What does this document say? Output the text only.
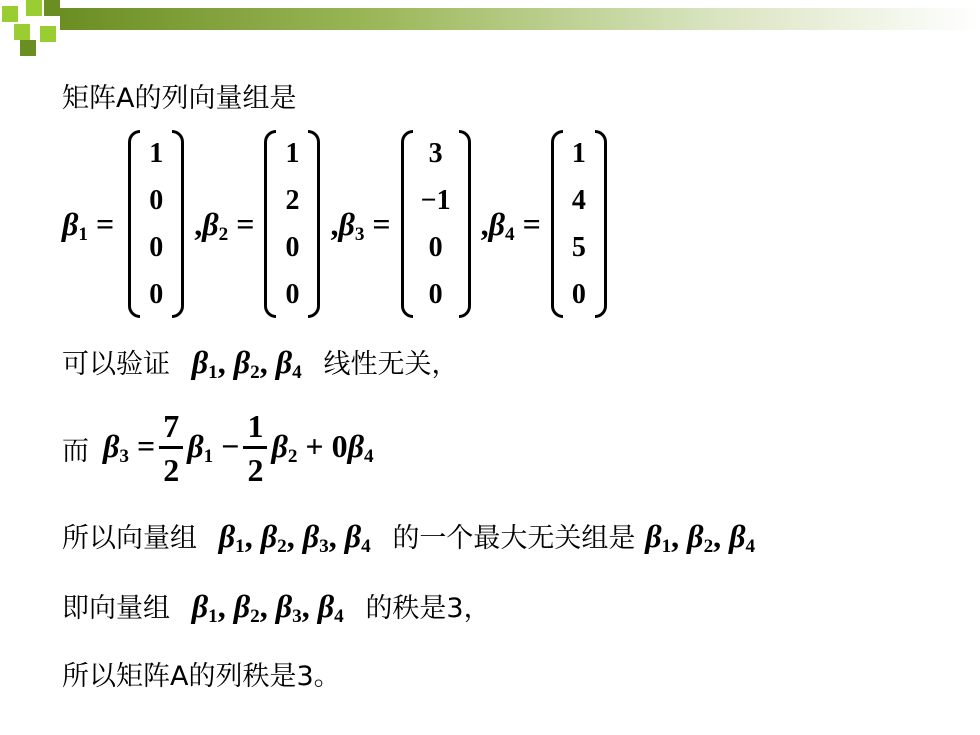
矩阵A的列向量组是
$\beta_1$ =
1
0
0
0
$,\beta_2$ =
1
2
0
0
$,\beta_3$ =
3
−1
0
0
$,\beta_4$ =
1
4
5
0
可以验证 $\beta_1$, $\beta_2$, $\beta_4$ 线性无关，
而 $\beta_3 = \frac{7}{2} \beta_1 - \frac{1}{2} \beta_2 + 0\beta_4$
所以向量组 $\beta_1$, $\beta_2$, $\beta_3$, $\beta_4$ 的一个最大无关组是 $\beta_1$, $\beta_2$, $\beta_4$
即向量组 $\beta_1$, $\beta_2$, $\beta_3$, $\beta_4$ 的秩是3，
所以矩阵A的列秩是3。
